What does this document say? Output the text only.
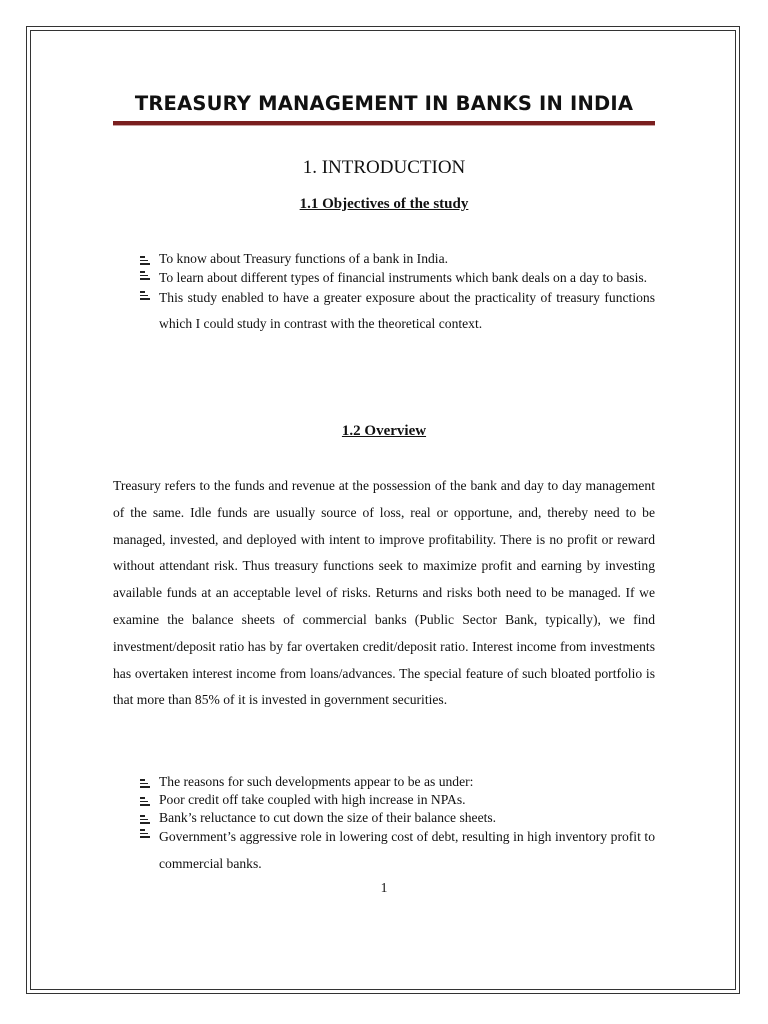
TREASURY MANAGEMENT IN BANKS IN INDIA
1. INTRODUCTION
1.1 Objectives of the study
To know about Treasury functions of a bank in India.
To learn about different types of financial instruments which bank deals on a day to basis.
This study enabled to have a greater exposure about the practicality of treasury functions which I could study in contrast with the theoretical context.
1.2 Overview

Treasury refers to the funds and revenue at the possession of the bank and day to day management of the same. Idle funds are usually source of loss, real or opportune, and, thereby need to be managed, invested, and deployed with intent to improve profitability. There is no profit or reward without attendant risk. Thus treasury functions seek to maximize profit and earning by investing available funds at an acceptable level of risks. Returns and risks both need to be managed. If we examine the balance sheets of commercial banks (Public Sector Bank, typically), we find investment/deposit ratio has by far overtaken credit/deposit ratio. Interest income from investments has overtaken interest income from loans/advances. The special feature of such bloated portfolio is that more than 85% of it is invested in government securities.

The reasons for such developments appear to be as under:
Poor credit off take coupled with high increase in NPAs.
Bank’s reluctance to cut down the size of their balance sheets.
Government’s aggressive role in lowering cost of debt, resulting in high inventory profit to commercial banks.
1
